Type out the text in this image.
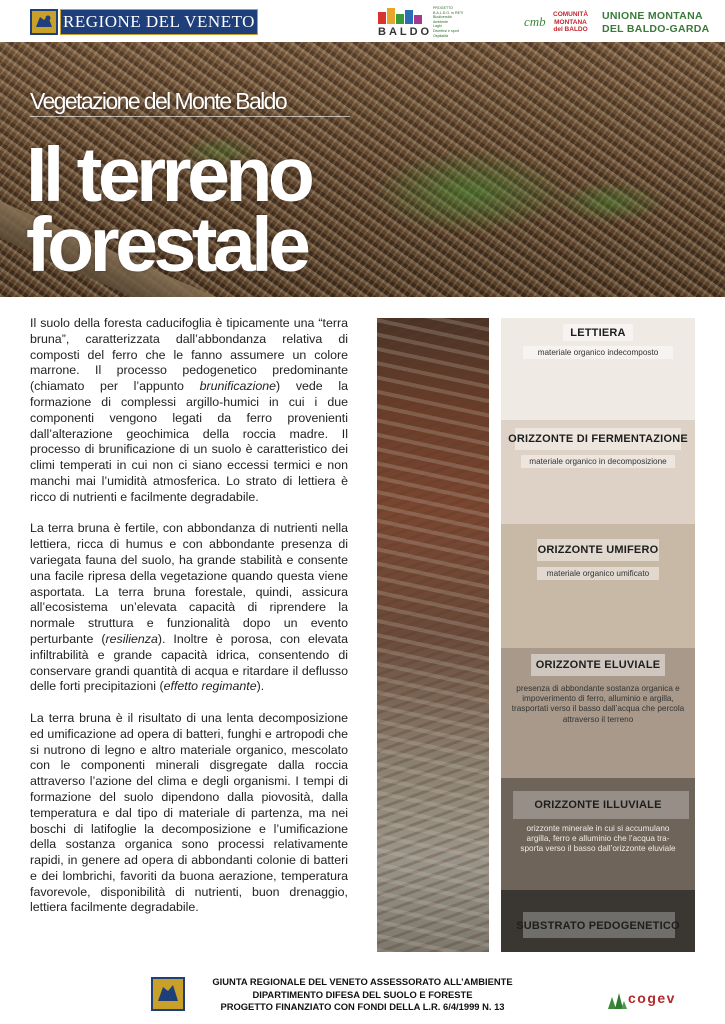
REGIONE DEL VENETO
BALDO
PROGETTO
B.A.L.D.O. in RETI
Biodiversità
Ambiente
Laghi
Divertirsi e sport
Ospitalità
cmb COMUNITÀ
MONTANA
del BALDO
UNIONE MONTANA
DEL BALDO-GARDA
Vegetazione del Monte Baldo
Il terreno
forestale

Il suolo della foresta caducifoglia è tipicamente una “terra bruna”, caratterizzata dall’abbondanza relativa di composti del ferro che le fanno assumere un colore marrone. Il processo pedogenetico predominante (chiamato per l’appunto brunificazione) vede la formazione di complessi argillo-humici in cui i due componenti vengono legati da ferro provenienti dall’alterazione geochimica della roccia madre. Il processo di brunificazione di un suolo è caratteristico dei climi temperati in cui non ci siano eccessi termici e non manchi mai l’umidità atmosferica. Lo strato di lettiera è ricco di nutrienti e facilmente degradabile.

La terra bruna è fertile, con abbondanza di nutrienti nella lettiera, ricca di humus e con abbondante presenza di variegata fauna del suolo, ha grande stabilità e consente una facile ripresa della vegetazione quando questa viene asportata. La terra bruna forestale, quindi, assicura all’ecosistema un’elevata capacità di riprendere la normale struttura e funzionalità dopo un evento perturbante (resilienza). Inoltre è porosa, con elevata infiltrabilità e grande capacità idrica, consentendo di conservare grandi quantità di acqua e ritardare il deflusso delle forti precipitazioni (effetto regimante).

La terra bruna è il risultato di una lenta decomposizione ed umificazione ad opera di batteri, funghi e artropodi che si nutrono di legno e altro materiale organico, mescolato con le componenti minerali disgregate dalla roccia attraverso l’azione del clima e degli organismi. I tempi di formazione del suolo dipendono dalla piovosità, dalla temperatura e dal tipo di materiale di partenza, ma nei boschi di latifoglie la decomposizione e l’umificazione della sostanza organica sono processi relativamente rapidi, in genere ad opera di abbondanti colonie di batteri e dei lombrichi, favoriti da buona aerazione, temperatura favorevole, disponibilità di nutrienti, buon drenaggio, lettiera facilmente degradabile.

LETTIERA
materiale organico indecomposto
ORIZZONTE DI FERMENTAZIONE
materiale organico in decomposizione
ORIZZONTE UMIFERO
materiale organico umificato
ORIZZONTE ELUVIALE
presenza di abbondante sostanza organica e
impoverimento di ferro, alluminio e argilla,
trasportati verso il basso dall’acqua che percola
attraverso il terreno
ORIZZONTE ILLUVIALE
orizzonte minerale in cui si accumulano
argilla, ferro e alluminio che l’acqua tra-
sporta verso il basso dall’orizzonte eluviale
SUBSTRATO PEDOGENETICO
GIUNTA REGIONALE DEL VENETO ASSESSORATO ALL’AMBIENTE
DIPARTIMENTO DIFESA DEL SUOLO E FORESTE
PROGETTO FINANZIATO CON FONDI DELLA L.R. 6/4/1999 N. 13
cogev
